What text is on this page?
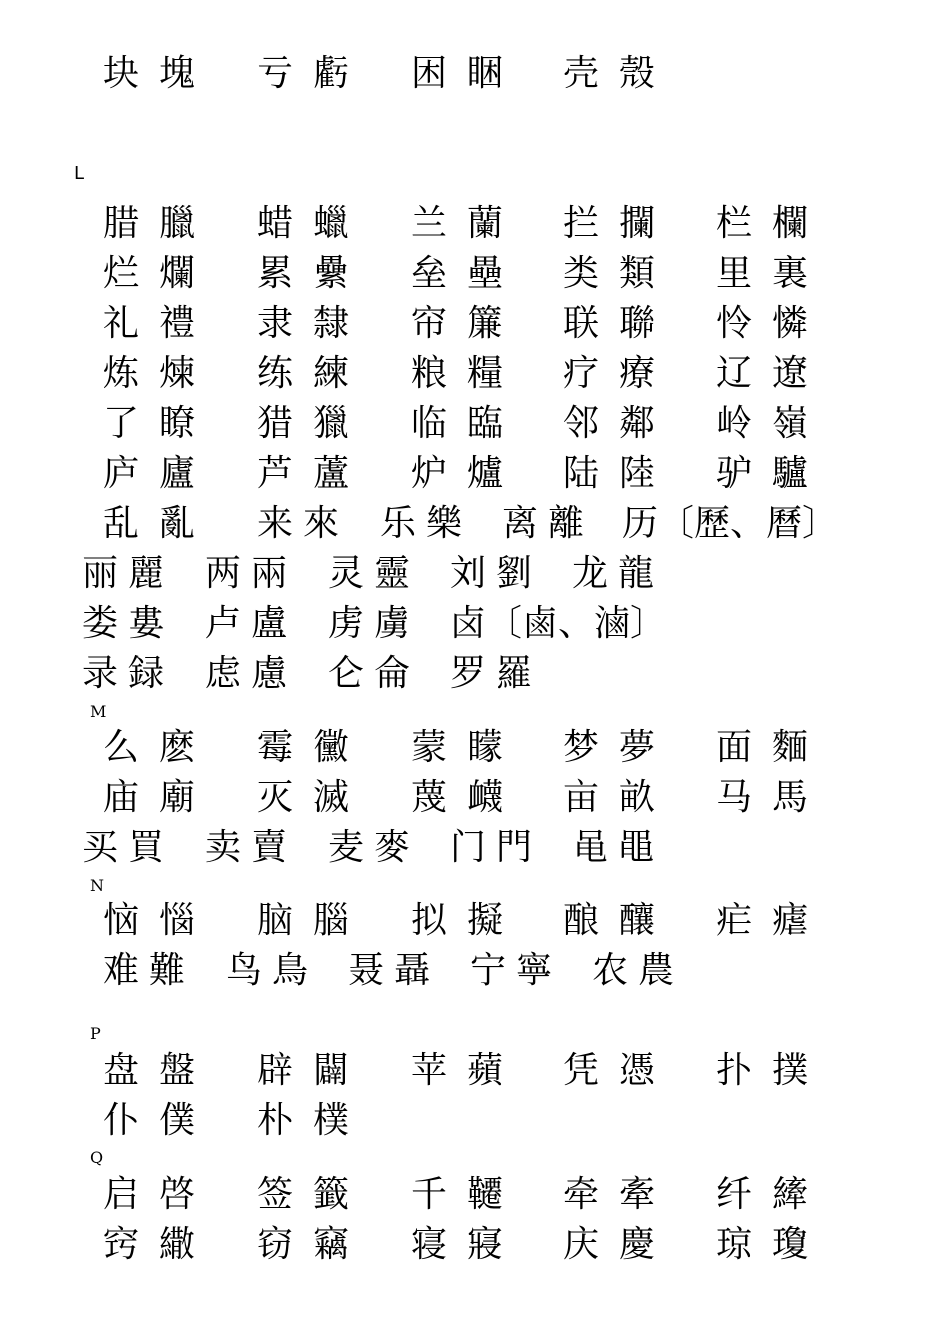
块塊 亏虧 困睏 壳殼
L
腊臘 蜡蠟 兰蘭 拦攔 栏欄
烂爛 累纍 垒壘 类類 里裏
礼禮 隶隸 帘簾 联聯 怜憐
炼煉 练練 粮糧 疗療 辽遼
了瞭 猎獵 临臨 邻鄰 岭嶺
庐廬 芦蘆 炉爐 陆陸 驴驢
乱亂 来來 乐樂 离離 历〔歷、曆〕
丽麗 两兩 灵靈 刘劉 龙龍
娄婁 卢盧 虏虜 卤〔鹵、滷〕
录録 虑慮 仑侖 罗羅
M
么麽 霉黴 蒙矇 梦夢 面麵
庙廟 灭滅 蔑衊 亩畝 马馬
买買 卖賣 麦麥 门門 黾黽
N
恼惱 脑腦 拟擬 酿釀 疟瘧
难難 鸟鳥 聂聶 宁寧 农農
P
盘盤 辟闢 苹蘋 凭憑 扑撲
仆僕 朴樸
Q
启啓 签籤 千韆 牵牽 纤縴
窍繖 窃竊 寝寢 庆慶 琼瓊
